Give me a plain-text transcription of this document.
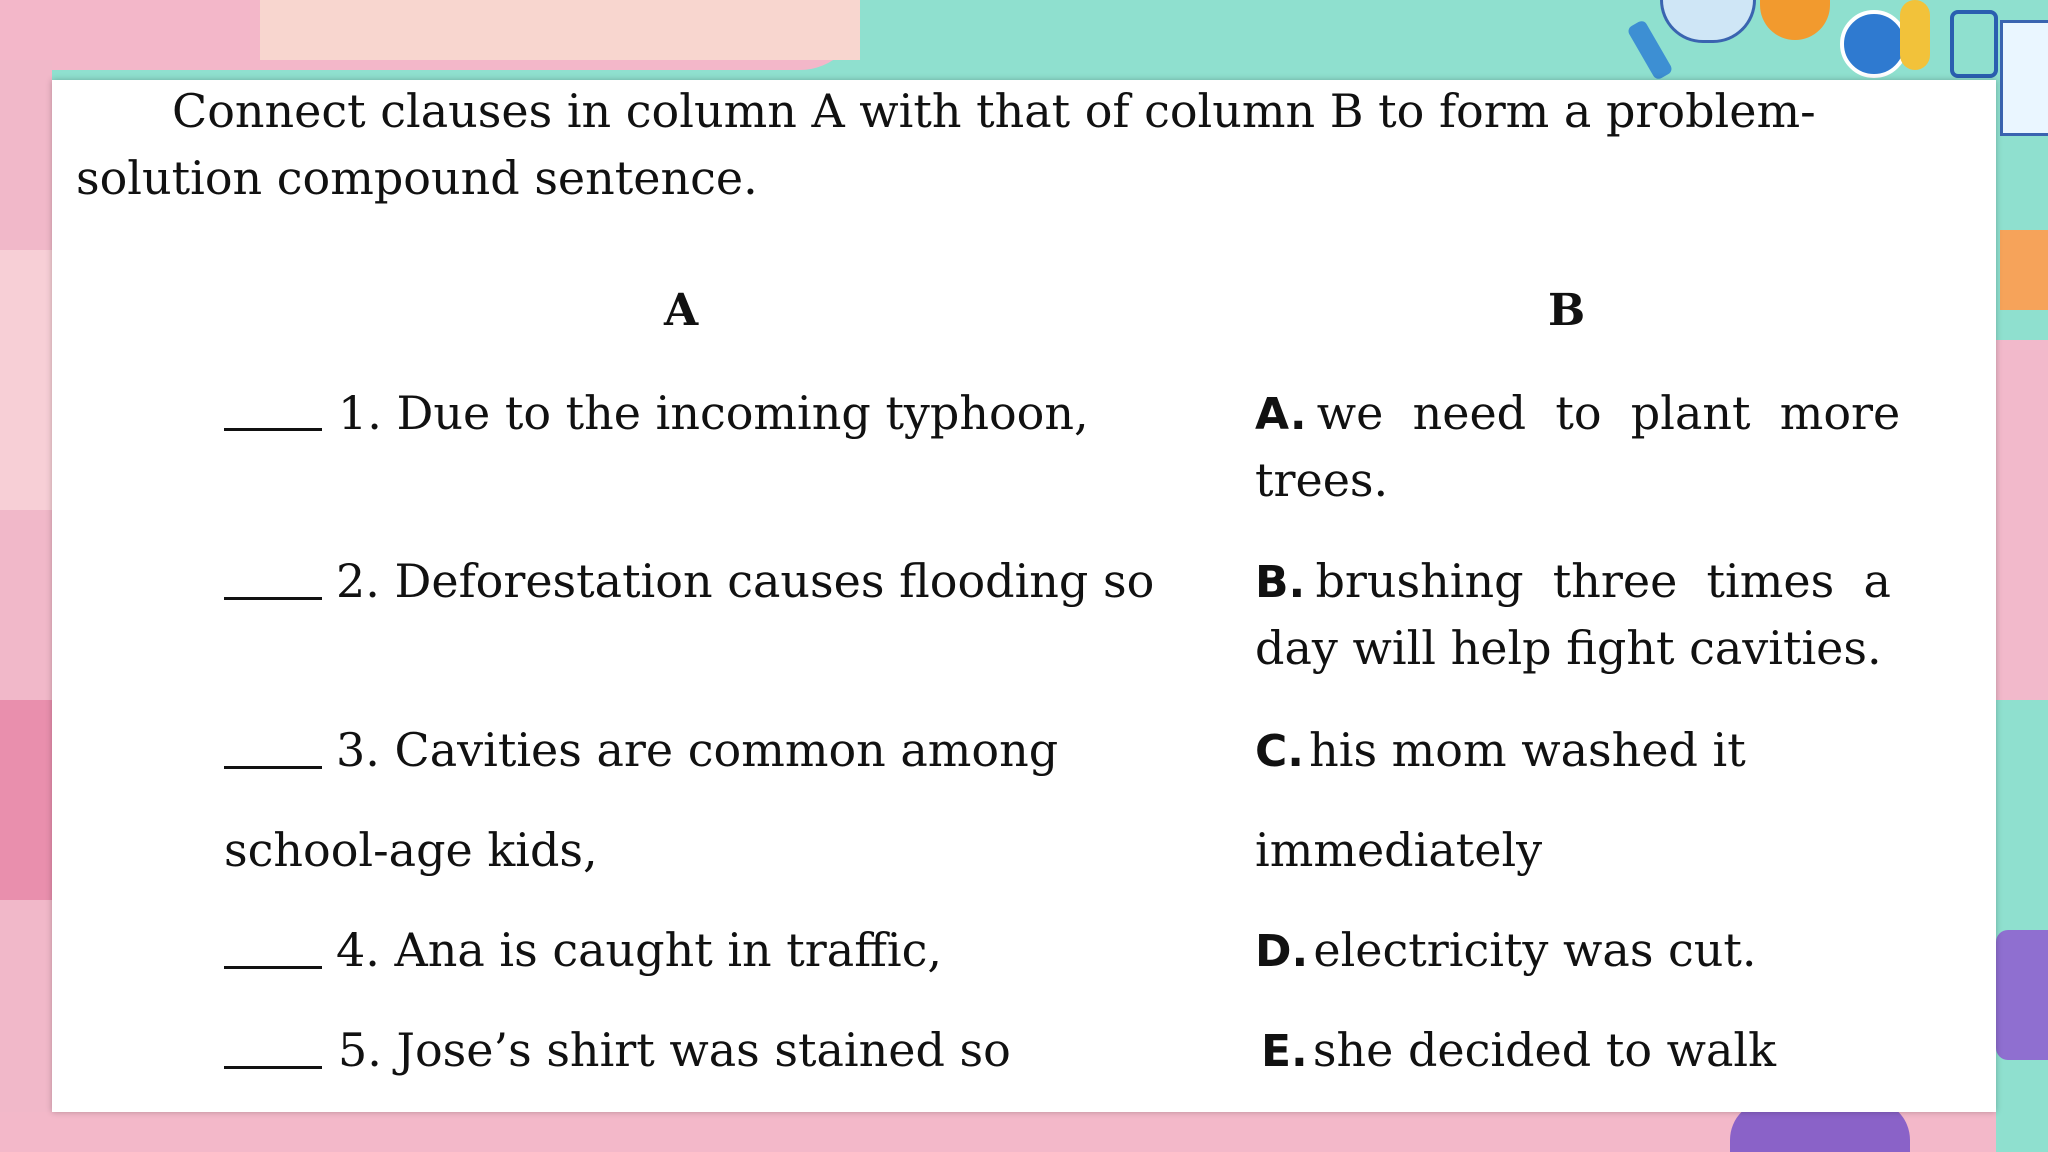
Connect clauses in column A with that of column B to form a problem-
solution compound sentence.
A	B
1. Due to the incoming typhoon,
2. Deforestation causes flooding so
3. Cavities are common among
school-age kids,
4. Ana is caught in traffic,
5. Jose’s shirt was stained so
A. we  need  to  plant  more
trees.
B. brushing  three  times  a
day will help fight cavities.
C. his mom washed it
immediately
D. electricity was cut.
E. she decided to walk
